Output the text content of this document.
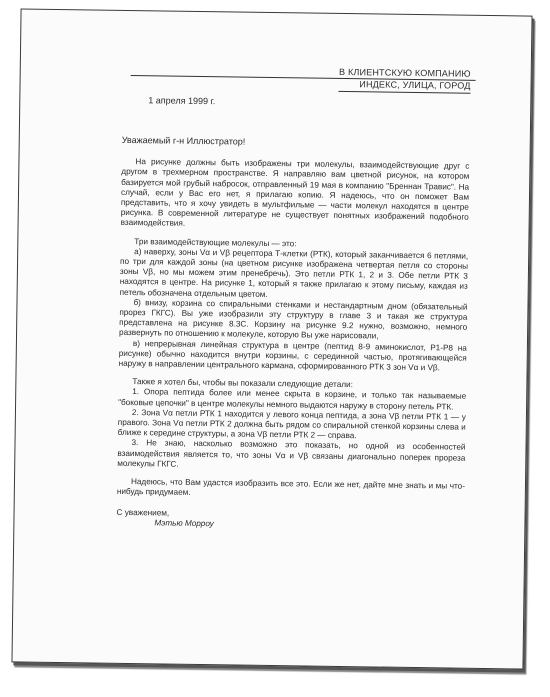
В КЛИЕНТСКУЮ КОМПАНИЮ
ИНДЕКС, УЛИЦА, ГОРОД
1 апреля 1999 г.

Уважаемый г-н Иллюстратор!

На рисунке должны быть изображены три молекулы, взаимодействующие друг с другом в трехмерном пространстве. Я направляю вам цветной рисунок, на котором базируется мой грубый набросок, отправленный 19 мая в компанию "Бреннан Травис". На случай, если у Вас его нет, я прилагаю копию. Я надеюсь, что он поможет Вам представить, что я хочу увидеть в мультфильме — части молекул находятся в центре рисунка. В современной литературе не существует понятных изображений подобного взаимодействия.

Три взаимодействующие молекулы — это:

а) наверху, зоны Vα и Vβ рецептора Т-клетки (РТК), который заканчивается 6 петлями, по три для каждой зоны (на цветном рисунке изображена четвертая петля со стороны зоны Vβ, но мы можем этим пренебречь). Это петли РТК 1, 2 и 3. Обе петли РТК 3 находятся в центре. На рисунке 1, который я также прилагаю к этому письму, каждая из петель обозначена отдельным цветом.

б) внизу, корзина со спиральными стенками и нестандартным дном (обязательный прорез ГКГС). Вы уже изобразили эту структуру в главе 3 и такая же структура представлена на рисунке 8.3С. Корзину на рисунке 9.2 нужно, возможно, немного развернуть по отношению к молекуле, которую Вы уже нарисовали,

в) непрерывная линейная структура в центре (пептид 8-9 аминокислот, Р1-Р8 на рисунке) обычно находится внутри корзины, с серединной частью, протягивающейся наружу в направлении центрального кармана, сформированного РТК 3 зон Vα и Vβ.

Также я хотел бы, чтобы вы показали следующие детали:

1. Опора пептида более или менее скрыта в корзине, и только так называемые "боковые цепочки" в центре молекулы немного выдаются наружу в сторону петель РТК.

2. Зона Vα петли РТК 1 находится у левого конца пептида, а зона Vβ петли РТК 1 — у правого. Зона Vα петли РТК 2 должна быть рядом со спиральной стенкой корзины слева и ближе к середине структуры, а зона Vβ петли РТК 2 — справа.

3. Не знаю, насколько возможно это показать, но одной из особенностей взаимодействия является то, что зоны Vα и Vβ связаны диагонально поперек прореза молекулы ГКГС.

Надеюсь, что Вам удастся изобразить все это. Если же нет, дайте мне знать и мы что-нибудь придумаем.

С уважением,

Мэтью Морроу
